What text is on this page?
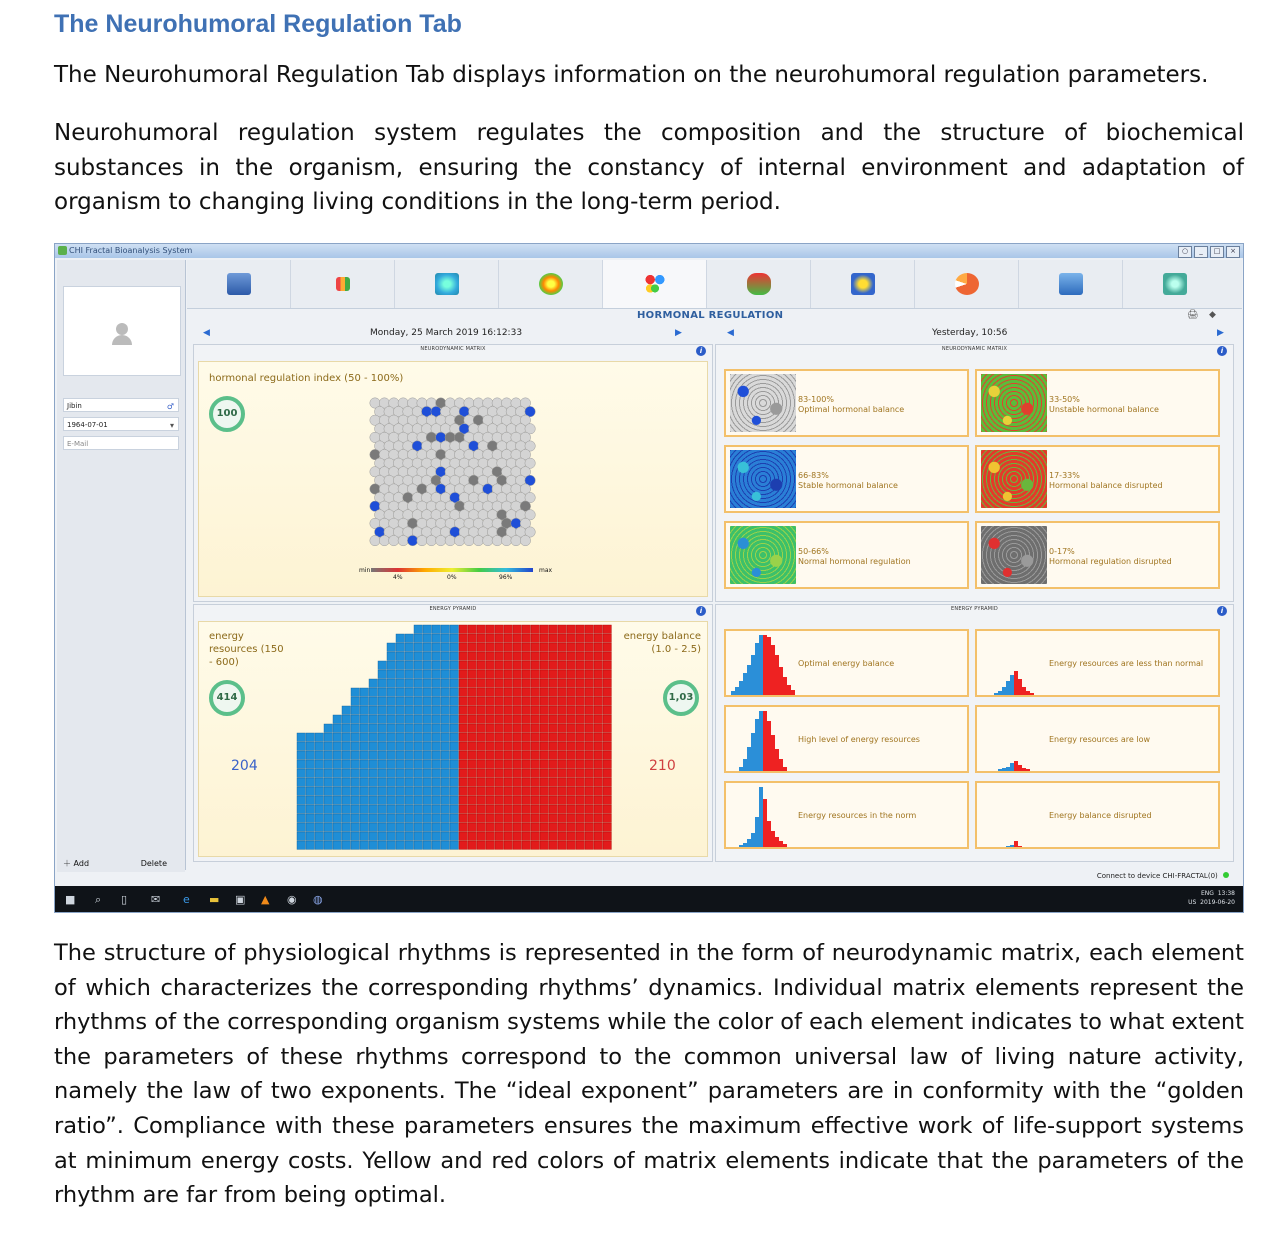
The Neurohumoral Regulation Tab
The Neurohumoral Regulation Tab displays information on the neurohumoral regulation parameters.
Neurohumoral regulation system regulates the composition and the structure of biochemical substances in the organism, ensuring the constancy of internal environment and adaptation of organism to changing living conditions in the long-term period.
CHI Fractal Bioanalysis System	○	_	□	×
Jibin	♂
1964-07-01	▾
E-Mail
＋ Add	Delete
HORMONAL REGULATION	🖨 ◆
◀	Monday, 25 March 2019 16:12:33	▶	◀	Yesterday, 10:56	▶
NEURODYNAMIC MATRIX	i
hormonal regulation index (50 - 100%)
100
min	max
4%	0%	96%
NEURODYNAMIC MATRIX	i
83-100%
Optimal hormonal balance
33-50%
Unstable hormonal balance
66-83%
Stable hormonal balance
17-33%
Hormonal balance disrupted
50-66%
Normal hormonal regulation
0-17%
Hormonal regulation disrupted
ENERGY PYRAMID	i
energy resources (150 - 600)
414
204
energy balance (1.0 - 2.5)
1,03
210
ENERGY PYRAMID	i
Optimal energy balance	Energy resources are less than normal
High level of energy resources	Energy resources are low
Energy resources in the norm	Energy balance disrupted
Connect to device CHI-FRACTAL(0)
■ ⌕ ▯ ✉ e ▬ ▣ ▲ ◉ ◍	ENG 13:38
US 2019-06-20
The structure of physiological rhythms is represented in the form of neurodynamic matrix, each element of which characterizes the corresponding rhythms’ dynamics. Individual matrix elements represent the rhythms of the corresponding organism systems while the color of each element indicates to what extent the parameters of these rhythms correspond to the common universal law of living nature activity, namely the law of two exponents. The “ideal exponent” parameters are in conformity with the “golden ratio”. Compliance with these parameters ensures the maximum effective work of life-support systems at minimum energy costs. Yellow and red colors of matrix elements indicate that the parameters of the rhythm are far from being optimal.
